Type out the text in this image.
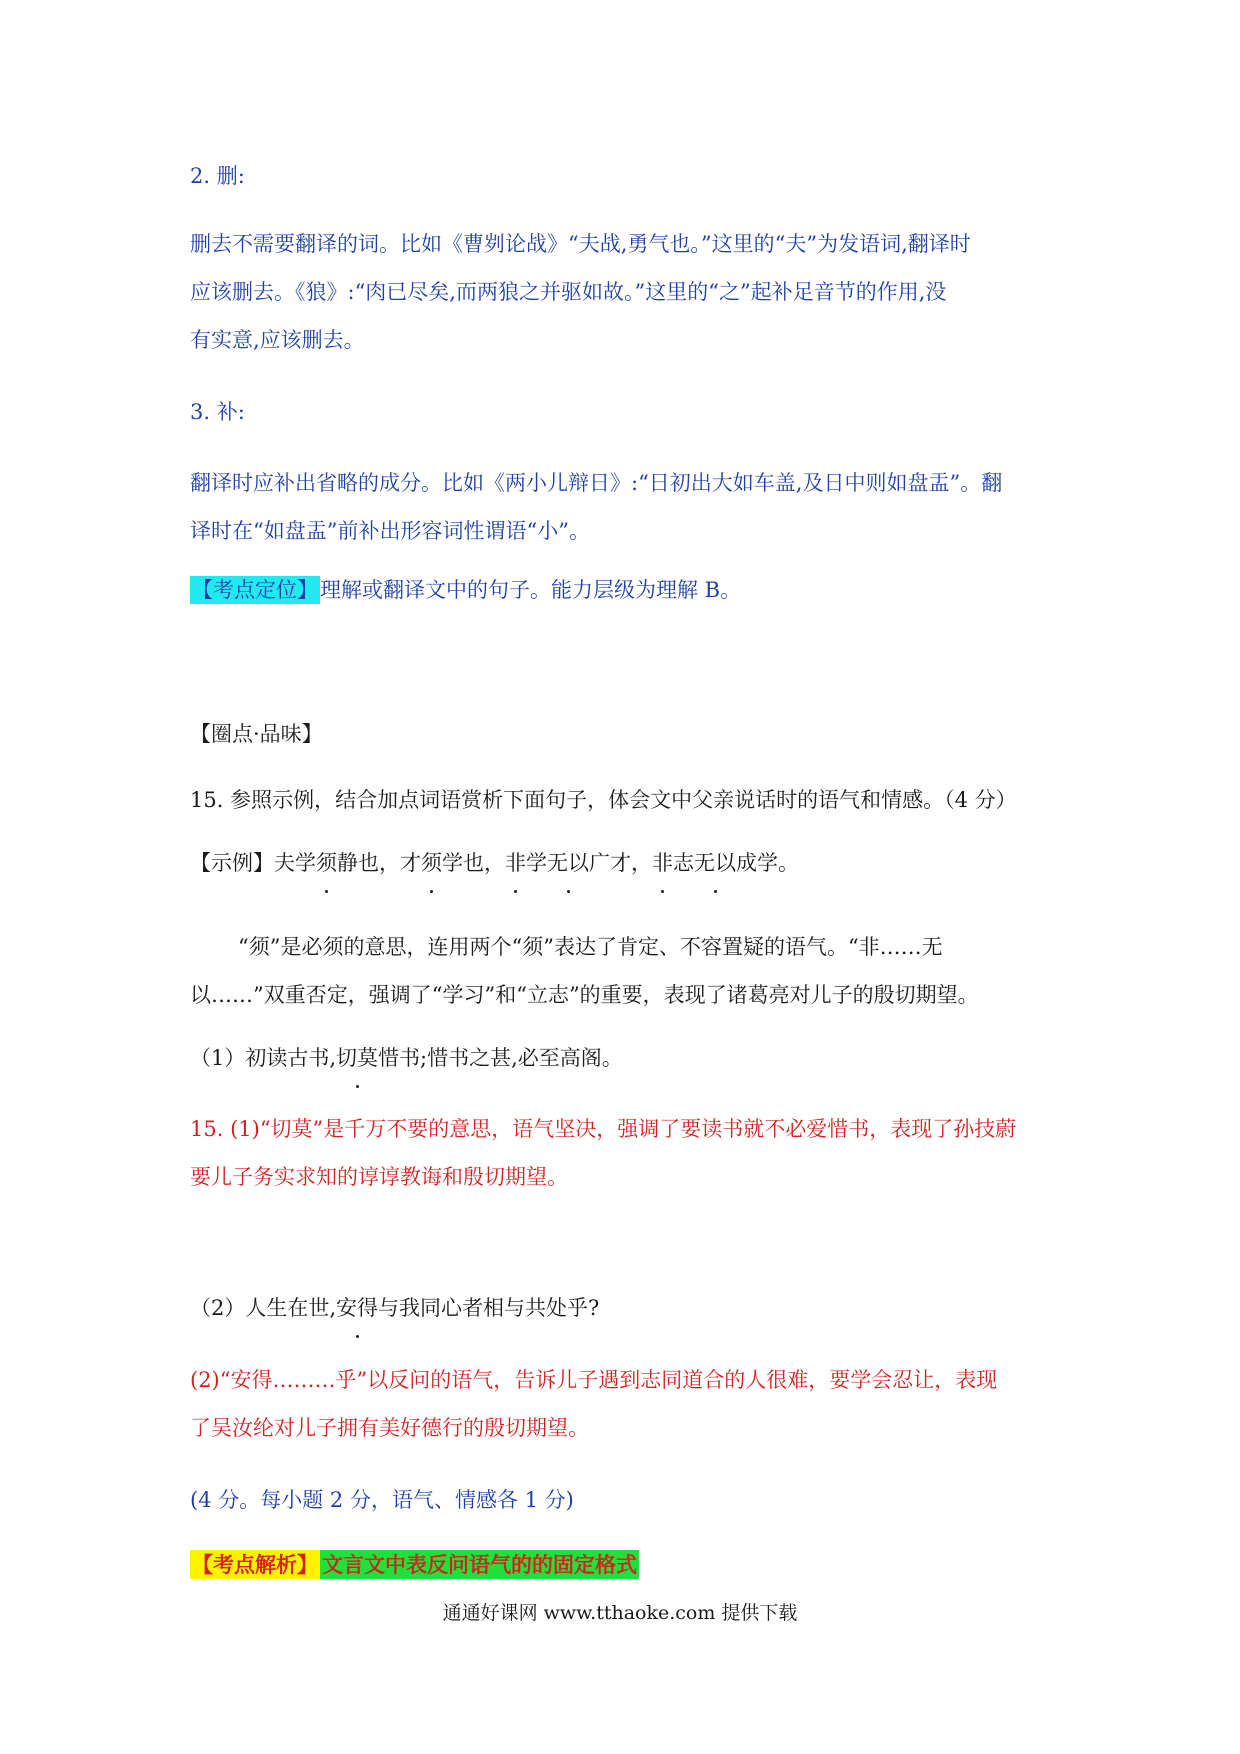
2. 删:
删去不需要翻译的词。比如《曹刿论战》“夫战,勇气也。”这里的“夫”为发语词,翻译时
应该删去。《狼》:“肉已尽矣,而两狼之并驱如故。”这里的“之”起补足音节的作用,没
有实意,应该删去。
3. 补:
翻译时应补出省略的成分。比如《两小儿辩日》:“日初出大如车盖,及日中则如盘盂”。翻
译时在“如盘盂”前补出形容词性谓语“小”。
【考点定位】理解或翻译文中的句子。能力层级为理解 B。
【圈点·品味】
15. 参照示例，结合加点词语赏析下面句子，体会文中父亲说话时的语气和情感。（4 分）
【示例】夫学须静也，才须学也，非学无以广才，非志无以成学。
“须”是必须的意思，连用两个“须”表达了肯定、不容置疑的语气。“非……无
以……”双重否定，强调了“学习”和“立志”的重要，表现了诸葛亮对儿子的殷切期望。
（1）初读古书,切莫惜书;惜书之甚,必至高阁。
15. (1)“切莫”是千万不要的意思，语气坚决，强调了要读书就不必爱惜书，表现了孙技蔚
要儿子务实求知的谆谆教诲和殷切期望。
（2）人生在世,安得与我同心者相与共处乎?
(2)“安得………乎”以反问的语气，告诉儿子遇到志同道合的人很难，要学会忍让，表现
了吴汝纶对儿子拥有美好德行的殷切期望。
(4 分。每小题 2 分，语气、情感各 1 分)
【考点解析】 文言文中表反问语气的的固定格式
通通好课网 www.tthaoke.com 提供下载
